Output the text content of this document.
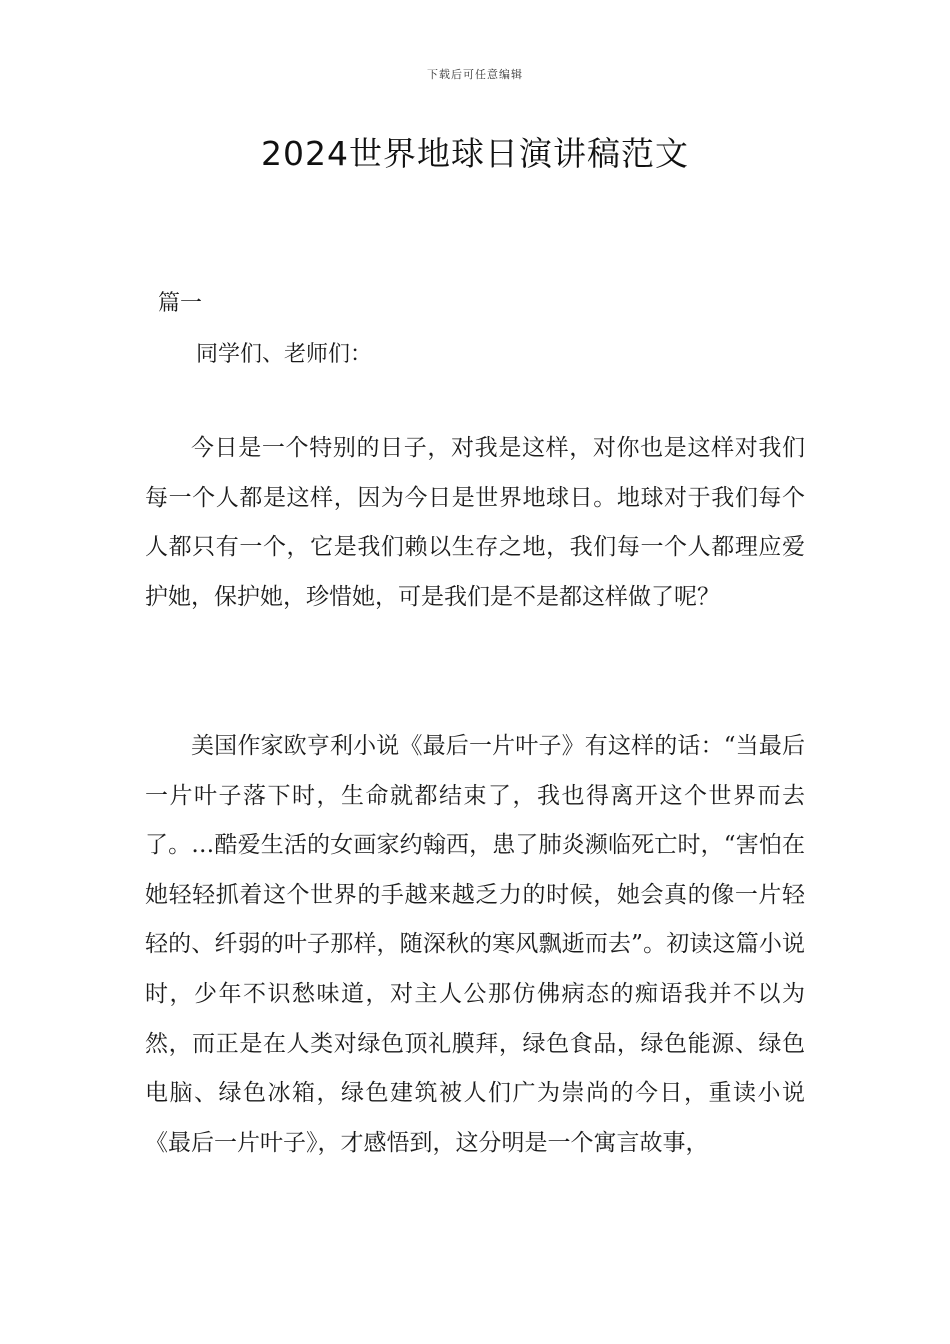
下载后可任意编辑
2024世界地球日演讲稿范文
篇一
同学们、老师们：

今日是一个特别的日子，对我是这样，对你也是这样对我们每一个人都是这样，因为今日是世界地球日。地球对于我们每个人都只有一个，它是我们赖以生存之地，我们每一个人都理应爱护她，保护她，珍惜她，可是我们是不是都这样做了呢？

美国作家欧亨利小说《最后一片叶子》有这样的话：“当最后一片叶子落下时，生命就都结束了，我也得离开这个世界而去了。…酷爱生活的女画家约翰西，患了肺炎濒临死亡时，“害怕在她轻轻抓着这个世界的手越来越乏力的时候，她会真的像一片轻轻的、纤弱的叶子那样，随深秋的寒风飘逝而去”。初读这篇小说时，少年不识愁味道，对主人公那仿佛病态的痴语我并不以为然，而正是在人类对绿色顶礼膜拜，绿色食品，绿色能源、绿色电脑、绿色冰箱，绿色建筑被人们广为崇尚的今日，重读小说《最后一片叶子》，才感悟到，这分明是一个寓言故事，
